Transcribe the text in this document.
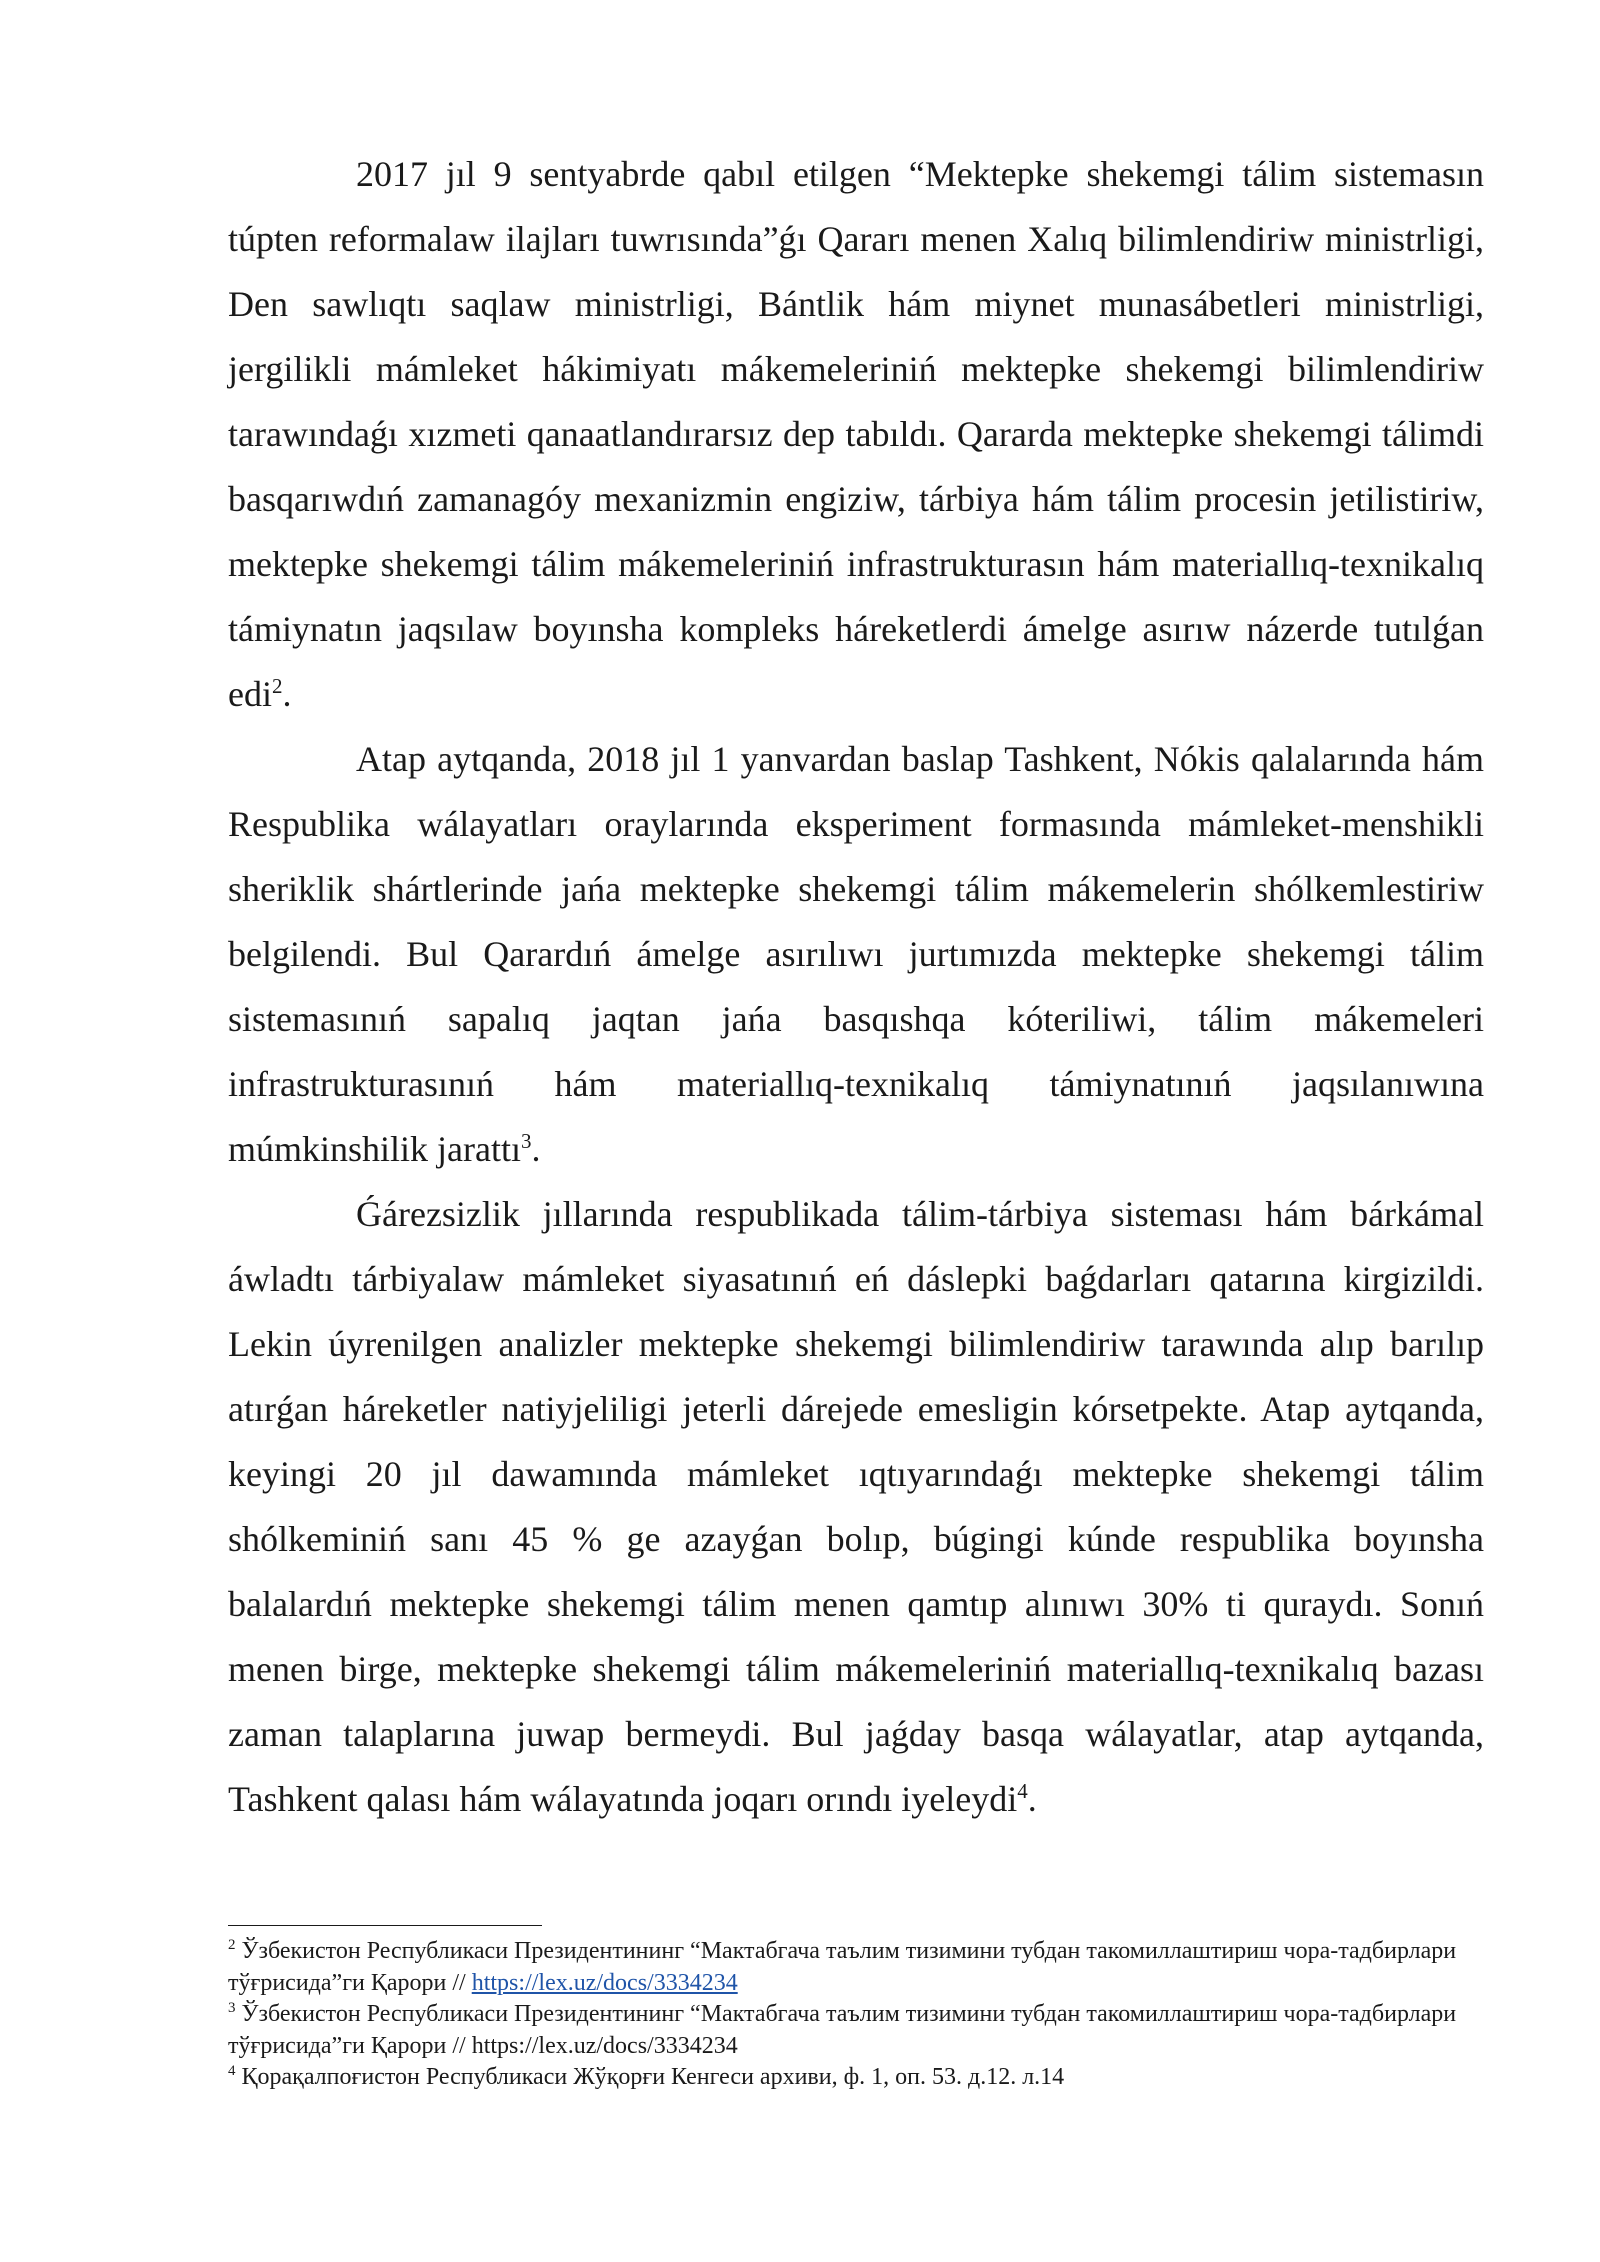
2017 jıl 9 sentyabrde qabıl etilgen “Mektepke shekemgi tálim sistemasın túpten reformalaw ilajları tuwrısında”ǵı Qararı menen Xalıq bilimlendiriw ministrligi, Den sawlıqtı saqlaw ministrligi, Bántlik hám miynet munasábetleri ministrligi, jergilikli mámleket hákimiyatı mákemeleriniń mektepke shekemgi bilimlendiriw tarawındaǵı xızmeti qanaatlandırarsız dep tabıldı. Qararda mektepke shekemgi tálimdi basqarıwdıń zamanagóy mexanizmin engiziw, tárbiya hám tálim procesin jetilistiriw, mektepke shekemgi tálim mákemeleriniń infrastrukturasın hám materiallıq-texnikalıq támiynatın jaqsılaw boyınsha kompleks háreketlerdi ámelge asırıw názerde tutılǵan edi$^2$.

Atap aytqanda, 2018 jıl 1 yanvardan baslap Tashkent, Nókis qalalarında hám Respublika wálayatları oraylarında eksperiment formasında mámleket-menshikli sheriklik shártlerinde jańa mektepke shekemgi tálim mákemelerin shólkemlestiriw belgilendi. Bul Qarardıń ámelge asırılıwı jurtımızda mektepke shekemgi tálim sistemasınıń sapalıq jaqtan jańa basqıshqa kóteriliwi, tálim mákemeleri infrastrukturasınıń hám materiallıq-texnikalıq támiynatınıń jaqsılanıwına múmkinshilik jarattı$^3$.

Ǵárezsizlik jıllarında respublikada tálim-tárbiya sisteması hám bárkámal áwladtı tárbiyalaw mámleket siyasatınıń eń dáslepki baǵdarları qatarına kirgizildi. Lekin úyrenilgen analizler mektepke shekemgi bilimlendiriw tarawında alıp barılıp atırǵan háreketler natiyjeliligi jeterli dárejede emesligin kórsetpekte. Atap aytqanda, keyingi 20 jıl dawamında mámleket ıqtıyarındaǵı mektepke shekemgi tálim shólkeminiń sanı 45 % ge azayǵan bolıp, búgingi kúnde respublika boyınsha balalardıń mektepke shekemgi tálim menen qamtıp alınıwı 30% ti quraydı. Sonıń menen birge, mektepke shekemgi tálim mákemeleriniń materiallıq-texnikalıq bazası zaman talaplarına juwap bermeydi. Bul jaǵday basqa wálayatlar, atap aytqanda, Tashkent qalası hám wálayatında joqarı orındı iyeleydi$^4$.

$^2$ Ўзбекистон Республикаси Президентининг “Мактабгача таълим тизимини тубдан такомиллаштириш чора-тадбирлари тўғрисида”ги Қарори // https://lex.uz/docs/3334234

$^3$ Ўзбекистон Республикаси Президентининг “Мактабгача таълим тизимини тубдан такомиллаштириш чора-тадбирлари тўғрисида”ги Қарори // https://lex.uz/docs/3334234

$^4$ Қорақалпоғистон Республикаси Жўқорғи Кенгеси архиви, ф. 1, оп. 53. д.12. л.14
